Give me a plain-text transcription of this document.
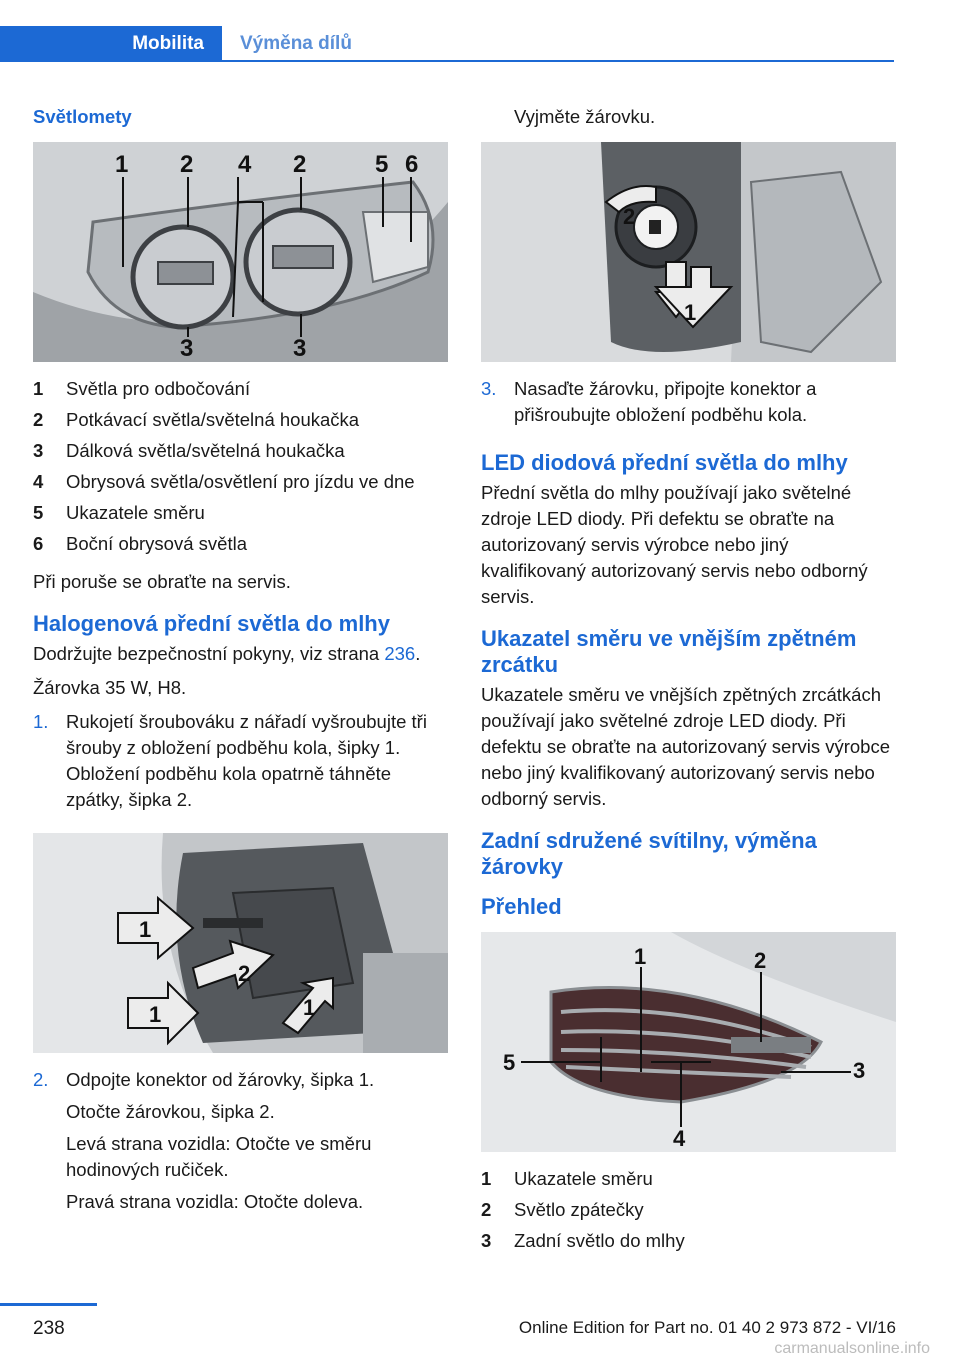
Mobilita	Výměna dílů
Světlomety
1 2 4 2	5 6
3	3
1	Světla pro odbočování
2	Potkávací světla/světelná houkačka
3	Dálková světla/světelná houkačka
4	Obrysová světla/osvětlení pro jízdu ve dne
5	Ukazatele směru
6	Boční obrysová světla

Při poruše se obraťte na servis.

Halogenová přední světla do mlhy

Dodržujte bezpečnostní pokyny, viz strana 236.

Žárovka 35 W, H8.

1. Rukojetí šroubováku z nářadí vyšroubujte tři šrouby z obložení podběhu kola, šipky 1. Obložení podběhu kola opatrně táhněte zpátky, šipka 2.

1
2
1	1
2. Odpojte konektor od žárovky, šipka 1.

Otočte žárovkou, šipka 2.

Levá strana vozidla: Otočte ve směru hodinových ručiček.

Pravá strana vozidla: Otočte doleva.

Vyjměte žárovku.

2
1
3. Nasaďte žárovku, připojte konektor a přišroubujte obložení podběhu kola.

LED diodová přední světla do mlhy

Přední světla do mlhy používají jako světelné zdroje LED diody. Při defektu se obraťte na autorizovaný servis výrobce nebo jiný kvalifikovaný autorizovaný servis nebo odborný servis.

Ukazatel směru ve vnějším zpětném zrcátku

Ukazatele směru ve vnějších zpětných zrcátkách používají jako světelné zdroje LED diody. Při defektu se obraťte na autorizovaný servis výrobce nebo jiný kvalifikovaný autorizovaný servis nebo odborný servis.

Zadní sdružené svítilny, výměna žárovky
Přehled
1	2
5	3
4
1	Ukazatele směru
2	Světlo zpátečky
3	Zadní světlo do mlhy
238	Online Edition for Part no. 01 40 2 973 872 - VI/16
carmanualsonline.info
